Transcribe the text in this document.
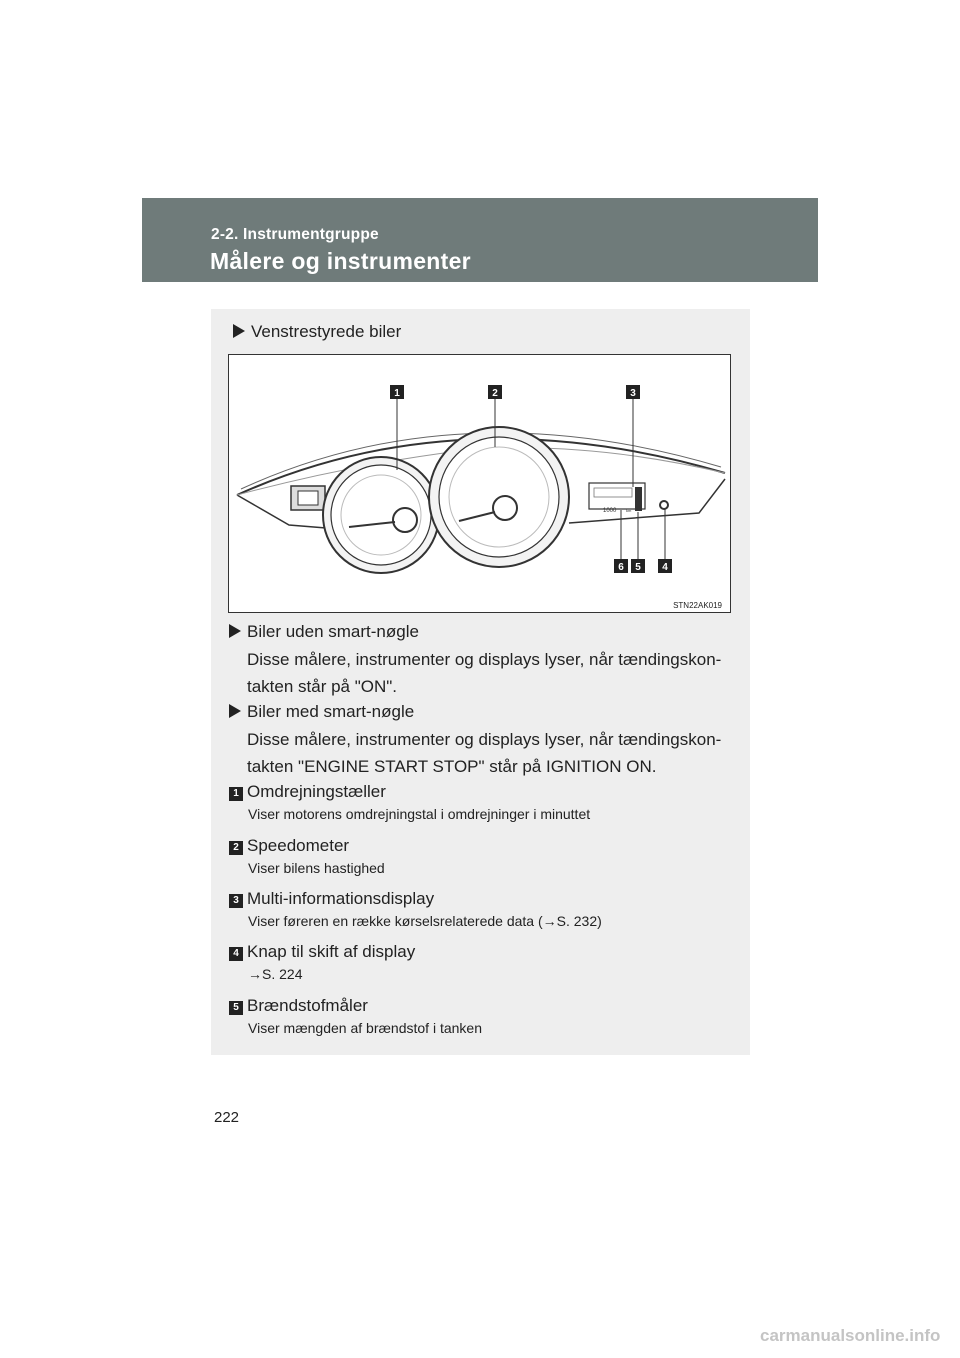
2-2. Instrumentgruppe
Målere og instrumenter
Venstrestyrede biler
1000 km
1	2	3
4
5
6
STN22AK019
Biler uden smart-nøgle
Disse målere, instrumenter og displays lyser, når tændingskon-
takten står på "ON".
Biler med smart-nøgle
Disse målere, instrumenter og displays lyser, når tændingskon-
takten "ENGINE START STOP" står på IGNITION ON.
1 Omdrejningstæller
Viser motorens omdrejningstal i omdrejninger i minuttet
2 Speedometer
Viser bilens hastighed
3 Multi-informationsdisplay
Viser føreren en række kørselsrelaterede data (→S. 232)
4 Knap til skift af display
→S. 224
5 Brændstofmåler
Viser mængden af brændstof i tanken
222
carmanualsonline.info
